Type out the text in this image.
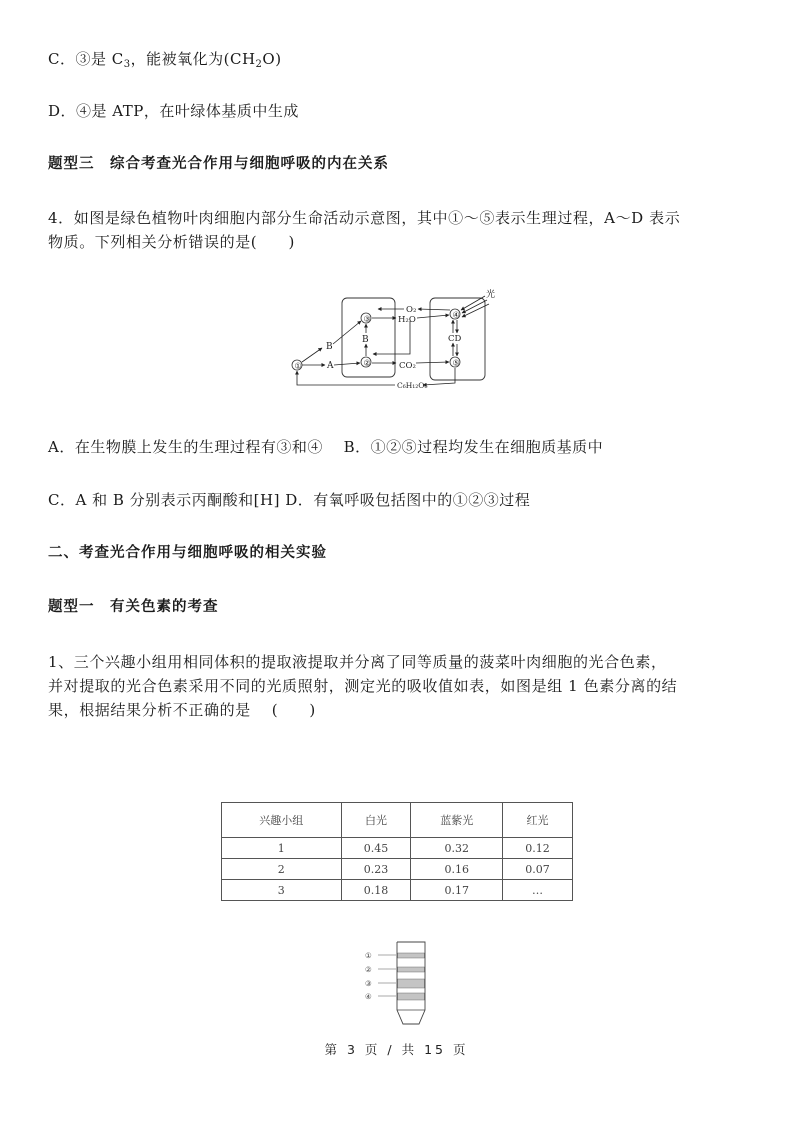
C．③是 $C_3$，能被氧化为$(CH_2O)$
D．④是 ATP，在叶绿体基质中生成
题型三　综合考查光合作用与细胞呼吸的内在关系
4．如图是绿色植物叶肉细胞内部分生命活动示意图，其中①～⑤表示生理过程，A～D 表示
物质。下列相关分析错误的是(　　)
①
③
②
④
⑤
B
A
B
O₂
H₂O
CO₂
CD
C₆H₁₂O₆
光
A．在生物膜上发生的生理过程有③和④　 B．①②⑤过程均发生在细胞质基质中
C．A 和 B 分别表示丙酮酸和[H] D．有氧呼吸包括图中的①②③过程
二、考查光合作用与细胞呼吸的相关实验
题型一　有关色素的考查
1、三个兴趣小组用相同体积的提取液提取并分离了同等质量的菠菜叶肉细胞的光合色素，
并对提取的光合色素采用不同的光质照射，测定光的吸收值如表，如图是组 1 色素分离的结
果，根据结果分析不正确的是　 (　　)
兴趣小组	白光	蓝紫光	红光
1	0.45	0.32	0.12
2	0.23	0.16	0.07
3	0.18	0.17	…
①
②
③
④
第 3 页 / 共 15 页
